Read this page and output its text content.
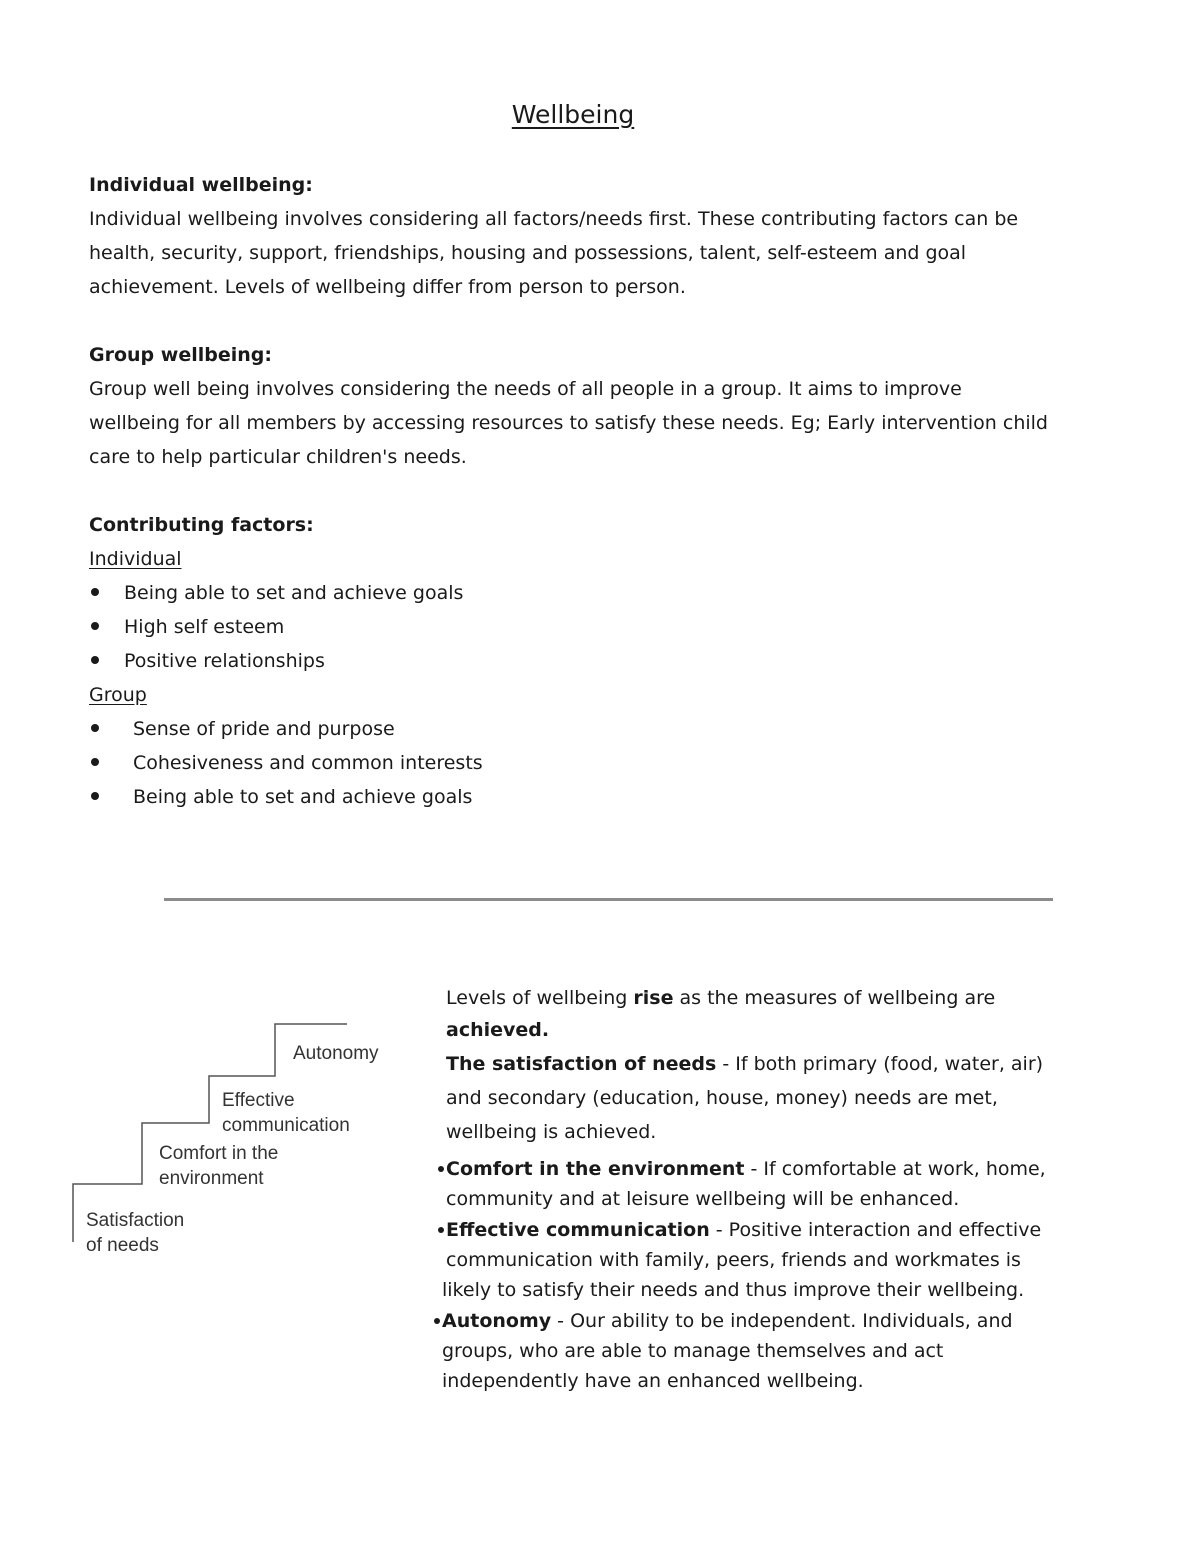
Wellbeing
Individual wellbeing:
Individual wellbeing involves considering all factors/needs first. These contributing factors can be
health, security, support, friendships, housing and possessions, talent, self-esteem and goal
achievement. Levels of wellbeing differ from person to person.
Group wellbeing:
Group well being involves considering the needs of all people in a group. It aims to improve
wellbeing for all members by accessing resources to satisfy these needs. Eg; Early intervention child
care to help particular children's needs.
Contributing factors:
Individual
Being able to set and achieve goals
High self esteem
Positive relationships
Group
Sense of pride and purpose
Cohesiveness and common interests
Being able to set and achieve goals
Satisfaction
of needs
Comfort in the
environment
Effective
communication
Autonomy
Levels of wellbeing rise as the measures of wellbeing are
achieved.
The satisfaction of needs - If both primary (food, water, air)
and secondary (education, house, money) needs are met,
wellbeing is achieved.
Comfort in the environment - If comfortable at work, home,
community and at leisure wellbeing will be enhanced.
Effective communication - Positive interaction and effective
communication with family, peers, friends and workmates is
likely to satisfy their needs and thus improve their wellbeing.
Autonomy - Our ability to be independent. Individuals, and
groups, who are able to manage themselves and act
independently have an enhanced wellbeing.
